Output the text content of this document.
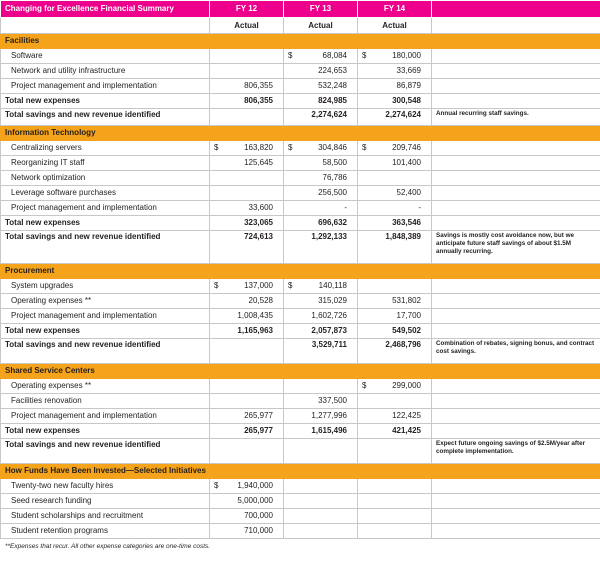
Changing for Excellence Financial Summary	FY 12	FY 13	FY 14	
	Actual	Actual	Actual	
Facilities				
Software		$ 68,084	$ 180,000	
Network and utility infrastructure		224,653	33,669	
Project management and implementation	806,355	532,248	86,879	
Total new expenses	806,355	824,985	300,548	
Total savings and new revenue identified		2,274,624	2,274,624	Annual recurring staff savings.
Information Technology				
Centralizing servers	$ 163,820	$ 304,846	$ 209,746	
Reorganizing IT staff	125,645	58,500	101,400	
Network optimization		76,786	

Leverage software purchases		256,500	52,400	
Project management and implementation	33,600	-	-	
Total new expenses	323,065	696,632	363,546	
Total savings and new revenue identified	724,613	1,292,133	1,848,389	Savings is mostly cost avoidance now, but we anticipate future staff savings of about $1.5M annually recurring.
Procurement				
System upgrades	$ 137,000	$ 140,118	

Operating expenses **	20,528	315,029	531,802	
Project management and implementation	1,008,435	1,602,726	17,700	
Total new expenses	1,165,963	2,057,873	549,502	
Total savings and new revenue identified		3,529,711	2,468,796	Combination of rebates, signing bonus, and contract cost savings.
Shared Service Centers				
Operating expenses **			$ 299,000	
Facilities renovation		337,500	

Project management and implementation	265,977	1,277,996	122,425	
Total new expenses	265,977	1,615,496	421,425	
Total savings and new revenue identified				Expect future ongoing savings of $2.5M/year after complete implementation.
How Funds Have Been Invested—Selected Initiatives				
Twenty-two new faculty hires	$ 1,940,000	

Seed research funding	5,000,000	

Student scholarships and recruitment	700,000	

Student retention programs	710,000	

**Expenses that recur. All other expense categories are one-time costs.
